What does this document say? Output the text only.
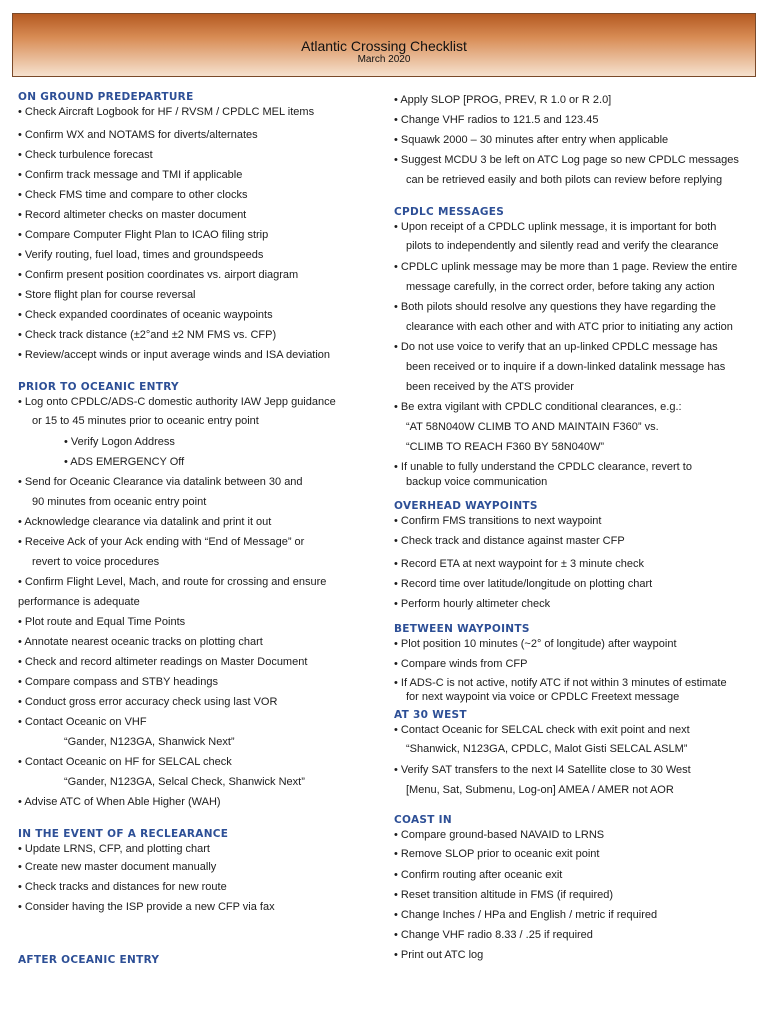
Atlantic Crossing Checklist
March 2020
ON GROUND PREDEPARTURE
• Check Aircraft Logbook for HF / RVSM / CPDLC MEL items
• Confirm WX and NOTAMS for diverts/alternates
• Check turbulence forecast
• Confirm track message and TMI if applicable
• Check FMS time and compare to other clocks
• Record altimeter checks on master document
• Compare Computer Flight Plan to ICAO filing strip
• Verify routing, fuel load, times and groundspeeds
• Confirm present position coordinates vs. airport diagram
• Store flight plan for course reversal
• Check expanded coordinates of oceanic waypoints
• Check track distance (±2°and ±2 NM FMS vs. CFP)
• Review/accept winds or input average winds and ISA deviation
PRIOR TO OCEANIC ENTRY
• Log onto CPDLC/ADS-C domestic authority IAW Jepp guidance
or 15 to 45 minutes prior to oceanic entry point
• Verify Logon Address
• ADS EMERGENCY Off
• Send for Oceanic Clearance via datalink between 30 and
90 minutes from oceanic entry point
• Acknowledge clearance via datalink and print it out
• Receive Ack of your Ack ending with “End of Message” or
revert to voice procedures
• Confirm Flight Level, Mach, and route for crossing and ensure
performance is adequate
• Plot route and Equal Time Points
• Annotate nearest oceanic tracks on plotting chart
• Check and record altimeter readings on Master Document
• Compare compass and STBY headings
• Conduct gross error accuracy check using last VOR
• Contact Oceanic on VHF
“Gander, N123GA, Shanwick Next”
• Contact Oceanic on HF for SELCAL check
“Gander, N123GA, Selcal Check, Shanwick Next”
• Advise ATC of When Able Higher (WAH)
IN THE EVENT OF A RECLEARANCE
• Update LRNS, CFP, and plotting chart
• Create new master document manually
• Check tracks and distances for new route
• Consider having the ISP provide a new CFP via fax
AFTER OCEANIC ENTRY
• Apply SLOP [PROG, PREV, R 1.0 or R 2.0]
• Change VHF radios to 121.5 and 123.45
• Squawk 2000 – 30 minutes after entry when applicable
• Suggest MCDU 3 be left on ATC Log page so new CPDLC messages
can be retrieved easily and both pilots can review before replying
CPDLC MESSAGES
• Upon receipt of a CPDLC uplink message, it is important for both
pilots to independently and silently read and verify the clearance
• CPDLC uplink message may be more than 1 page. Review the entire
message carefully, in the correct order, before taking any action
• Both pilots should resolve any questions they have regarding the
clearance with each other and with ATC prior to initiating any action
• Do not use voice to verify that an up-linked CPDLC message has
been received or to inquire if a down-linked datalink message has
been received by the ATS provider
• Be extra vigilant with CPDLC conditional clearances, e.g.:
“AT 58N040W CLIMB TO AND MAINTAIN F360” vs.
“CLIMB TO REACH F360 BY 58N040W”
• If unable to fully understand the CPDLC clearance, revert to
backup voice communication
OVERHEAD WAYPOINTS
• Confirm FMS transitions to next waypoint
• Check track and distance against master CFP
• Record ETA at next waypoint for ± 3 minute check
• Record time over latitude/longitude on plotting chart
• Perform hourly altimeter check
BETWEEN WAYPOINTS
• Plot position 10 minutes (~2° of longitude) after waypoint
• Compare winds from CFP
• If ADS-C is not active, notify ATC if not within 3 minutes of estimate
for next waypoint via voice or CPDLC Freetext message
AT 30 WEST
• Contact Oceanic for SELCAL check with exit point and next
“Shanwick, N123GA, CPDLC, Malot Gisti SELCAL ASLM”
• Verify SAT transfers to the next I4 Satellite close to 30 West
[Menu, Sat, Submenu, Log-on] AMEA / AMER not AOR
COAST IN
• Compare ground-based NAVAID to LRNS
• Remove SLOP prior to oceanic exit point
• Confirm routing after oceanic exit
• Reset transition altitude in FMS (if required)
• Change Inches / HPa and English / metric if required
• Change VHF radio 8.33 / .25 if required
• Print out ATC log
